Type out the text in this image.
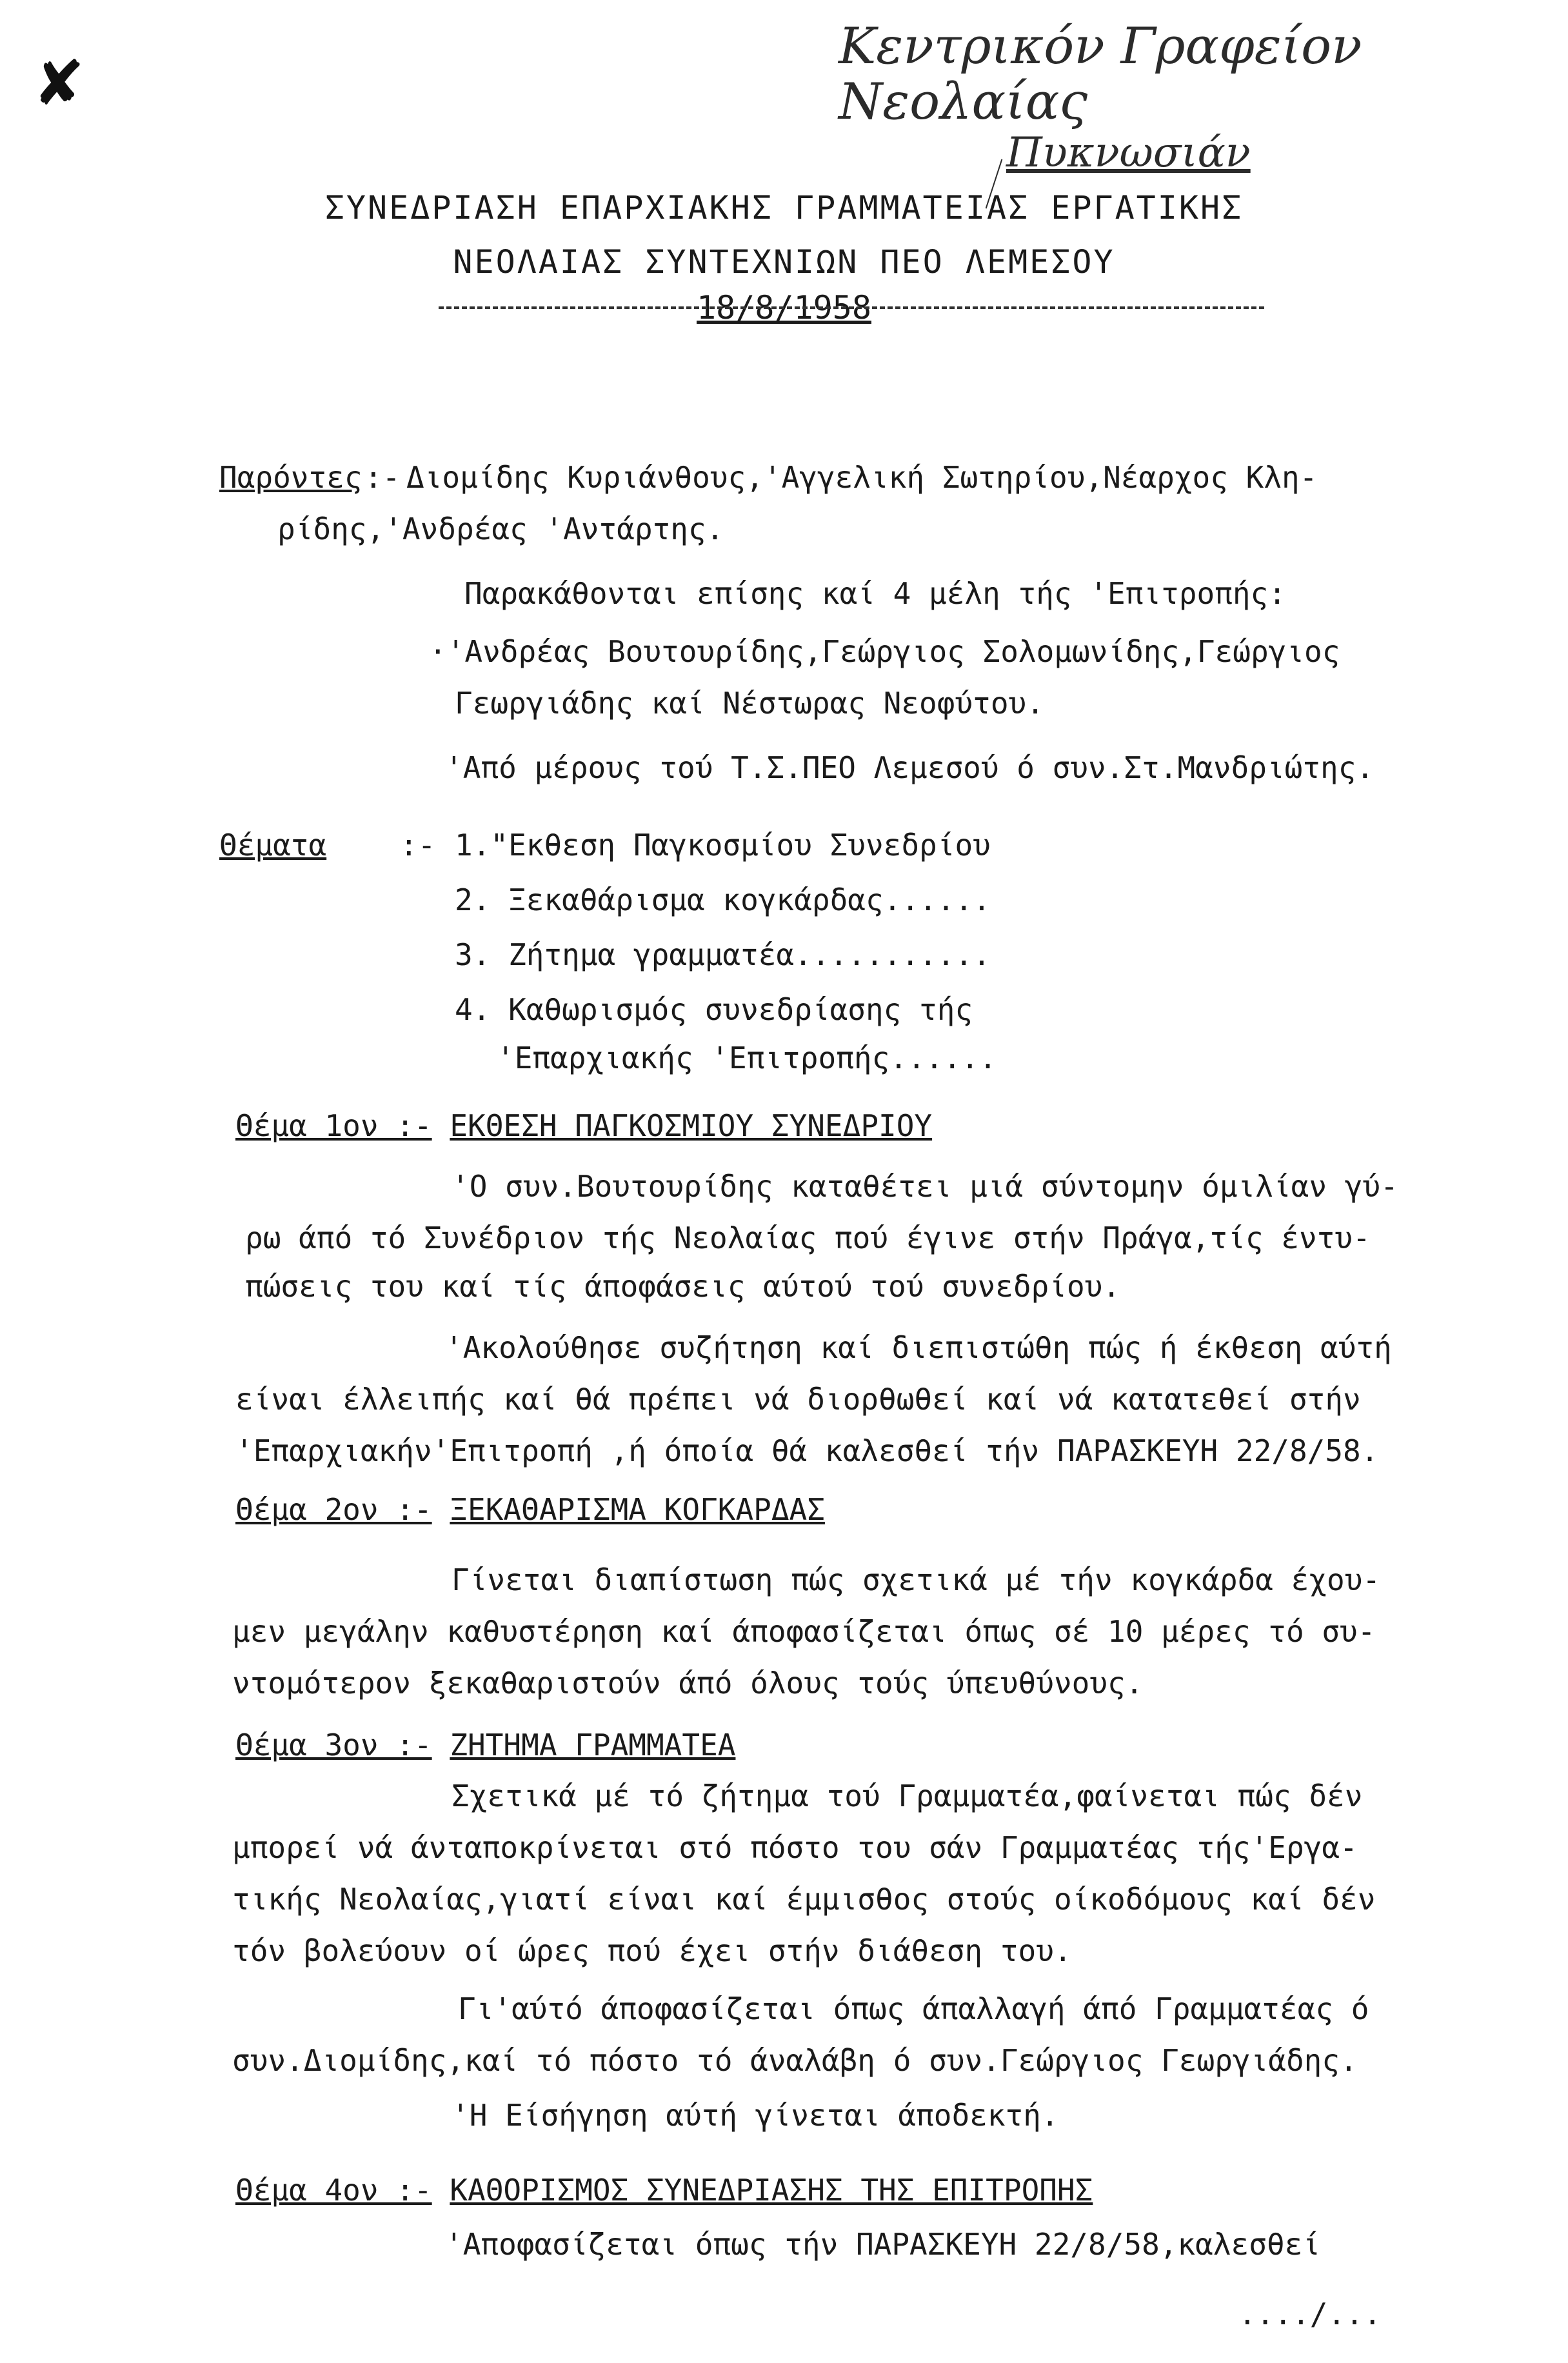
✘	Κεντρικόν Γραφείον Νεολαίας
Πυκνωσιάν
ΣΥΝΕΔΡΙΑΣΗ ΕΠΑΡΧΙΑΚΗΣ ΓΡΑΜΜΑΤΕΙΑΣ ΕΡΓΑΤΙΚΗΣ
ΝΕΟΛΑΙΑΣ ΣΥΝΤΕΧΝΙΩΝ ΠΕΟ ΛΕΜΕΣΟΥ
18/8/1958
Παρόντες :- Διομίδης Κυριάνθους,'Αγγελική Σωτηρίου,Νέαρχος Κλη-
ρίδης,'Ανδρέας 'Αντάρτης.
Παρακάθονται επίσης καί 4 μέλη τής 'Επιτροπής:
·'Ανδρέας Βουτουρίδης,Γεώργιος Σολομωνίδης,Γεώργιος
Γεωργιάδης καί Νέστωρας Νεοφύτου.
'Από μέρους τού Τ.Σ.ΠΕΟ Λεμεσού ό συν.Στ.Μανδριώτης.
Θέματα :- 1."Εκθεση Παγκοσμίου Συνεδρίου
2. Ξεκαθάρισμα κογκάρδας......
3. Ζήτημα γραμματέα...........
4. Καθωρισμός συνεδρίασης τής
'Επαρχιακής 'Επιτροπής......
Θέμα 1ον :- ΕΚΘΕΣΗ ΠΑΓΚΟΣΜΙΟΥ ΣΥΝΕΔΡΙΟΥ
'Ο συν.Βουτουρίδης καταθέτει μιά σύντομην όμιλίαν γύ-
ρω άπό τό Συνέδριον τής Νεολαίας πού έγινε στήν Πράγα,τίς έντυ-
πώσεις του καί τίς άποφάσεις αύτού τού συνεδρίου.
'Ακολούθησε συζήτηση καί διεπιστώθη πώς ή έκθεση αύτή
είναι έλλειπής καί θά πρέπει νά διορθωθεί καί νά κατατεθεί στήν
'Επαρχιακήν'Επιτροπή ,ή όποία θά καλεσθεί τήν ΠΑΡΑΣΚΕΥΗ 22/8/58.
Θέμα 2ον :- ΞΕΚΑΘΑΡΙΣΜΑ ΚΟΓΚΑΡΔΑΣ
Γίνεται διαπίστωση πώς σχετικά μέ τήν κογκάρδα έχου-
μεν μεγάλην καθυστέρηση καί άποφασίζεται όπως σέ 10 μέρες τό συ-
ντομότερον ξεκαθαριστούν άπό όλους τούς ύπευθύνους.
Θέμα 3ον :- ΖΗΤΗΜΑ ΓΡΑΜΜΑΤΕΑ
Σχετικά μέ τό ζήτημα τού Γραμματέα,φαίνεται πώς δέν
μπορεί νά άνταποκρίνεται στό πόστο του σάν Γραμματέας τής'Εργα-
τικής Νεολαίας,γιατί είναι καί έμμισθος στούς οίκοδόμους καί δέν
τόν βολεύουν οί ώρες πού έχει στήν διάθεση του.
Γι'αύτό άποφασίζεται όπως άπαλλαγή άπό Γραμματέας ό
συν.Διομίδης,καί τό πόστο τό άναλάβη ό συν.Γεώργιος Γεωργιάδης.
'Η Είσήγηση αύτή γίνεται άποδεκτή.
Θέμα 4ον :- ΚΑΘΟΡΙΣΜΟΣ ΣΥΝΕΔΡΙΑΣΗΣ ΤΗΣ ΕΠΙΤΡΟΠΗΣ
'Αποφασίζεται όπως τήν ΠΑΡΑΣΚΕΥΗ 22/8/58,καλεσθεί
..../...
